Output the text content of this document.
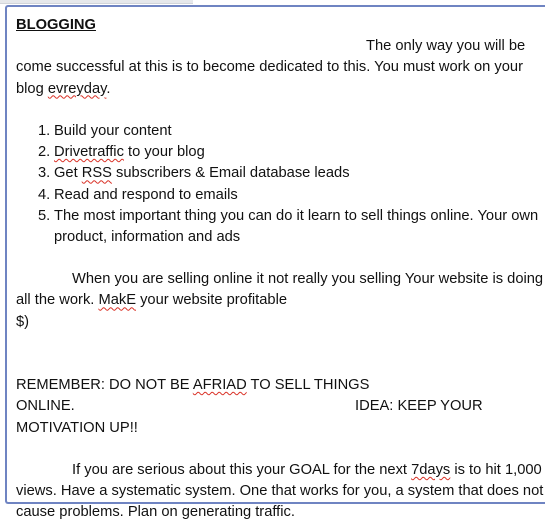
BLOGGING
The only way you will be
come successful at this is to become dedicated to this. You must work on your
blog evreyday.
1. Build your content
2. Drivetraffic to your blog
3. Get RSS subscribers & Email database leads
4. Read and respond to emails
5. The most important thing you can do it learn to sell things online. Your own
product, information and ads
When you are selling online it not really you selling Your website is doing
all the work. MakE your website profitable
$)
REMEMBER: DO NOT BE AFRIAD TO SELL THINGS
ONLINE.	IDEA: KEEP YOUR
MOTIVATION UP!!
If you are serious about this your GOAL for the next 7days is to hit 1,000
views. Have a systematic system. One that works for you, a system that does not
cause problems. Plan on generating traffic.
